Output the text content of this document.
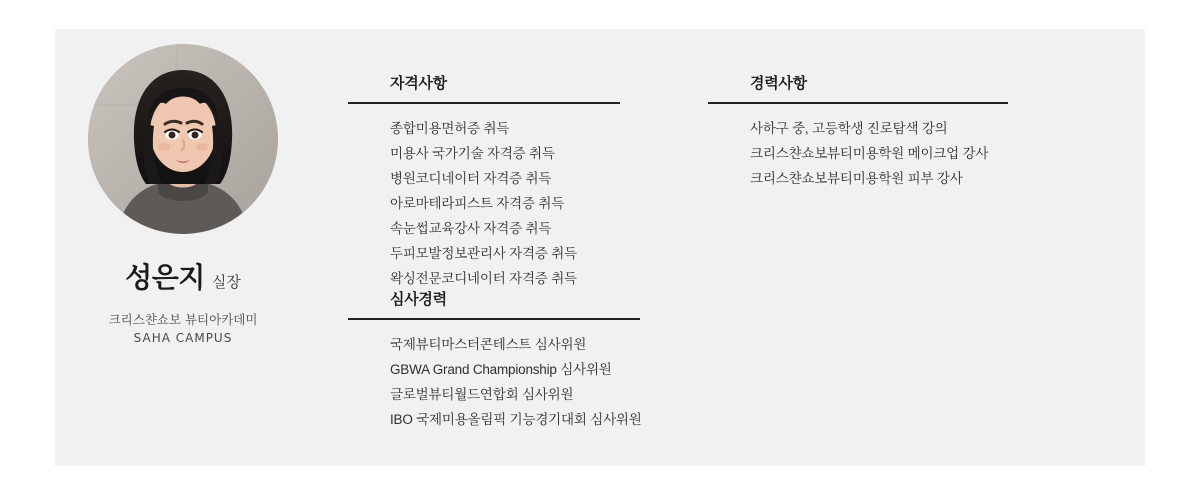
성은지 실장
크리스챤쇼보 뷰티아카데미
SAHA CAMPUS
자격사항
종합미용면허증 취득
미용사 국가기술 자격증 취득
병원코디네이터 자격증 취득
아로마테라피스트 자격증 취득
속눈썹교육강사 자격증 취득
두피모발정보관리사 자격증 취득
왁싱전문코디네이터 자격증 취득
심사경력
국제뷰티마스터콘테스트 심사위원
GBWA Grand Championship 심사위원
글로벌뷰티월드연합회 심사위원
IBO 국제미용올림픽 기능경기대회 심사위원
경력사항
사하구 중, 고등학생 진로탐색 강의
크리스챤쇼보뷰티미용학원 메이크업 강사
크리스챤쇼보뷰티미용학원 피부 강사
